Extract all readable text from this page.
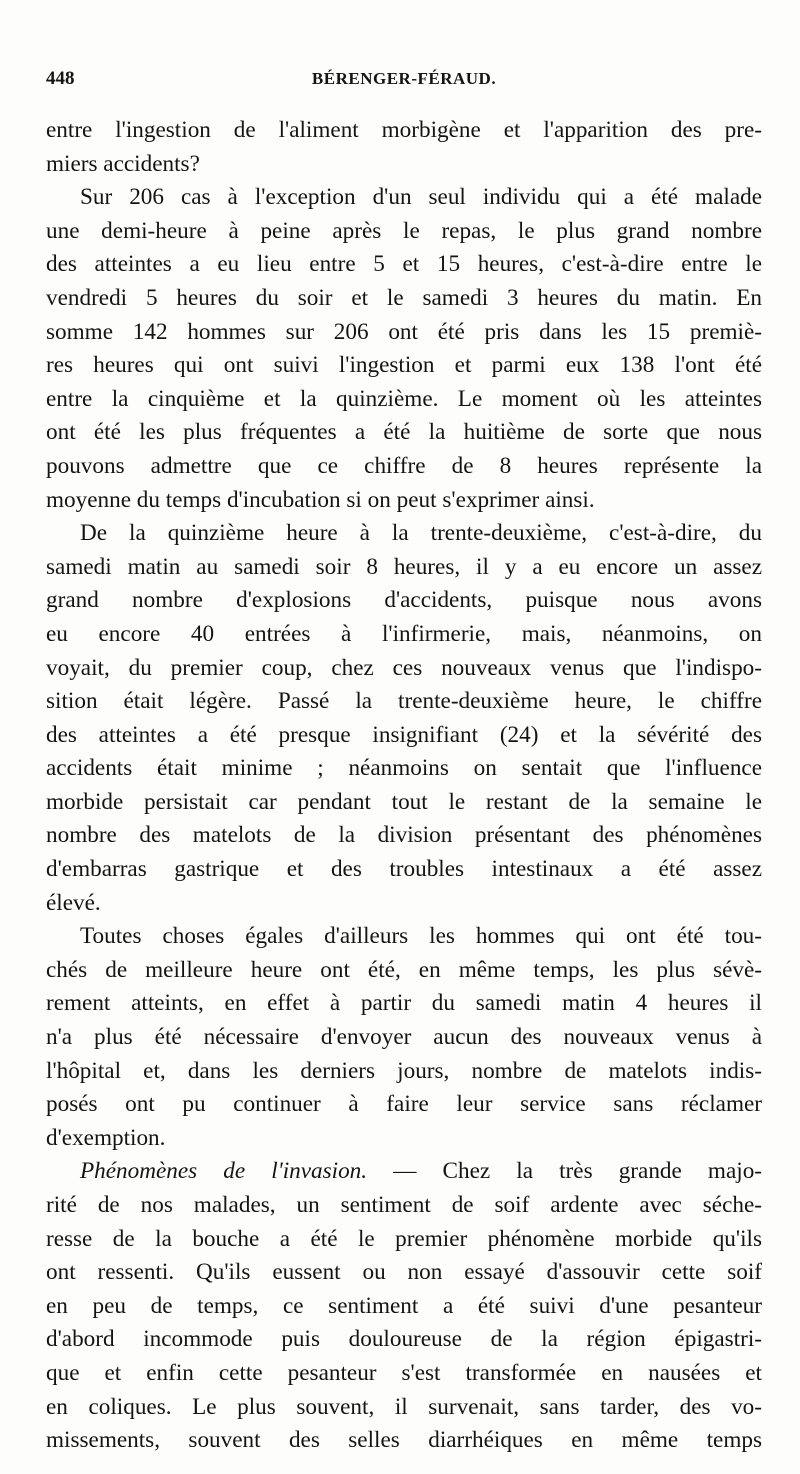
448	BÉRENGER-FÉRAUD.
entre l'ingestion de l'aliment morbigène et l'apparition des pre-
miers accidents?
Sur 206 cas à l'exception d'un seul individu qui a été malade
une demi-heure à peine après le repas, le plus grand nombre
des atteintes a eu lieu entre 5 et 15 heures, c'est-à-dire entre le
vendredi 5 heures du soir et le samedi 3 heures du matin. En
somme 142 hommes sur 206 ont été pris dans les 15 premiè-
res heures qui ont suivi l'ingestion et parmi eux 138 l'ont été
entre la cinquième et la quinzième. Le moment où les atteintes
ont été les plus fréquentes a été la huitième de sorte que nous
pouvons admettre que ce chiffre de 8 heures représente la
moyenne du temps d'incubation si on peut s'exprimer ainsi.
De la quinzième heure à la trente-deuxième, c'est-à-dire, du
samedi matin au samedi soir 8 heures, il y a eu encore un assez
grand nombre d'explosions d'accidents, puisque nous avons
eu encore 40 entrées à l'infirmerie, mais, néanmoins, on
voyait, du premier coup, chez ces nouveaux venus que l'indispo-
sition était légère. Passé la trente-deuxième heure, le chiffre
des atteintes a été presque insignifiant (24) et la sévérité des
accidents était minime ; néanmoins on sentait que l'influence
morbide persistait car pendant tout le restant de la semaine le
nombre des matelots de la division présentant des phénomènes
d'embarras gastrique et des troubles intestinaux a été assez
élevé.
Toutes choses égales d'ailleurs les hommes qui ont été tou-
chés de meilleure heure ont été, en même temps, les plus sévè-
rement atteints, en effet à partir du samedi matin 4 heures il
n'a plus été nécessaire d'envoyer aucun des nouveaux venus à
l'hôpital et, dans les derniers jours, nombre de matelots indis-
posés ont pu continuer à faire leur service sans réclamer
d'exemption.
Phénomènes de l'invasion. — Chez la très grande majo-
rité de nos malades, un sentiment de soif ardente avec séche-
resse de la bouche a été le premier phénomène morbide qu'ils
ont ressenti. Qu'ils eussent ou non essayé d'assouvir cette soif
en peu de temps, ce sentiment a été suivi d'une pesanteur
d'abord incommode puis douloureuse de la région épigastri-
que et enfin cette pesanteur s'est transformée en nausées et
en coliques. Le plus souvent, il survenait, sans tarder, des vo-
missements, souvent des selles diarrhéiques en même temps
